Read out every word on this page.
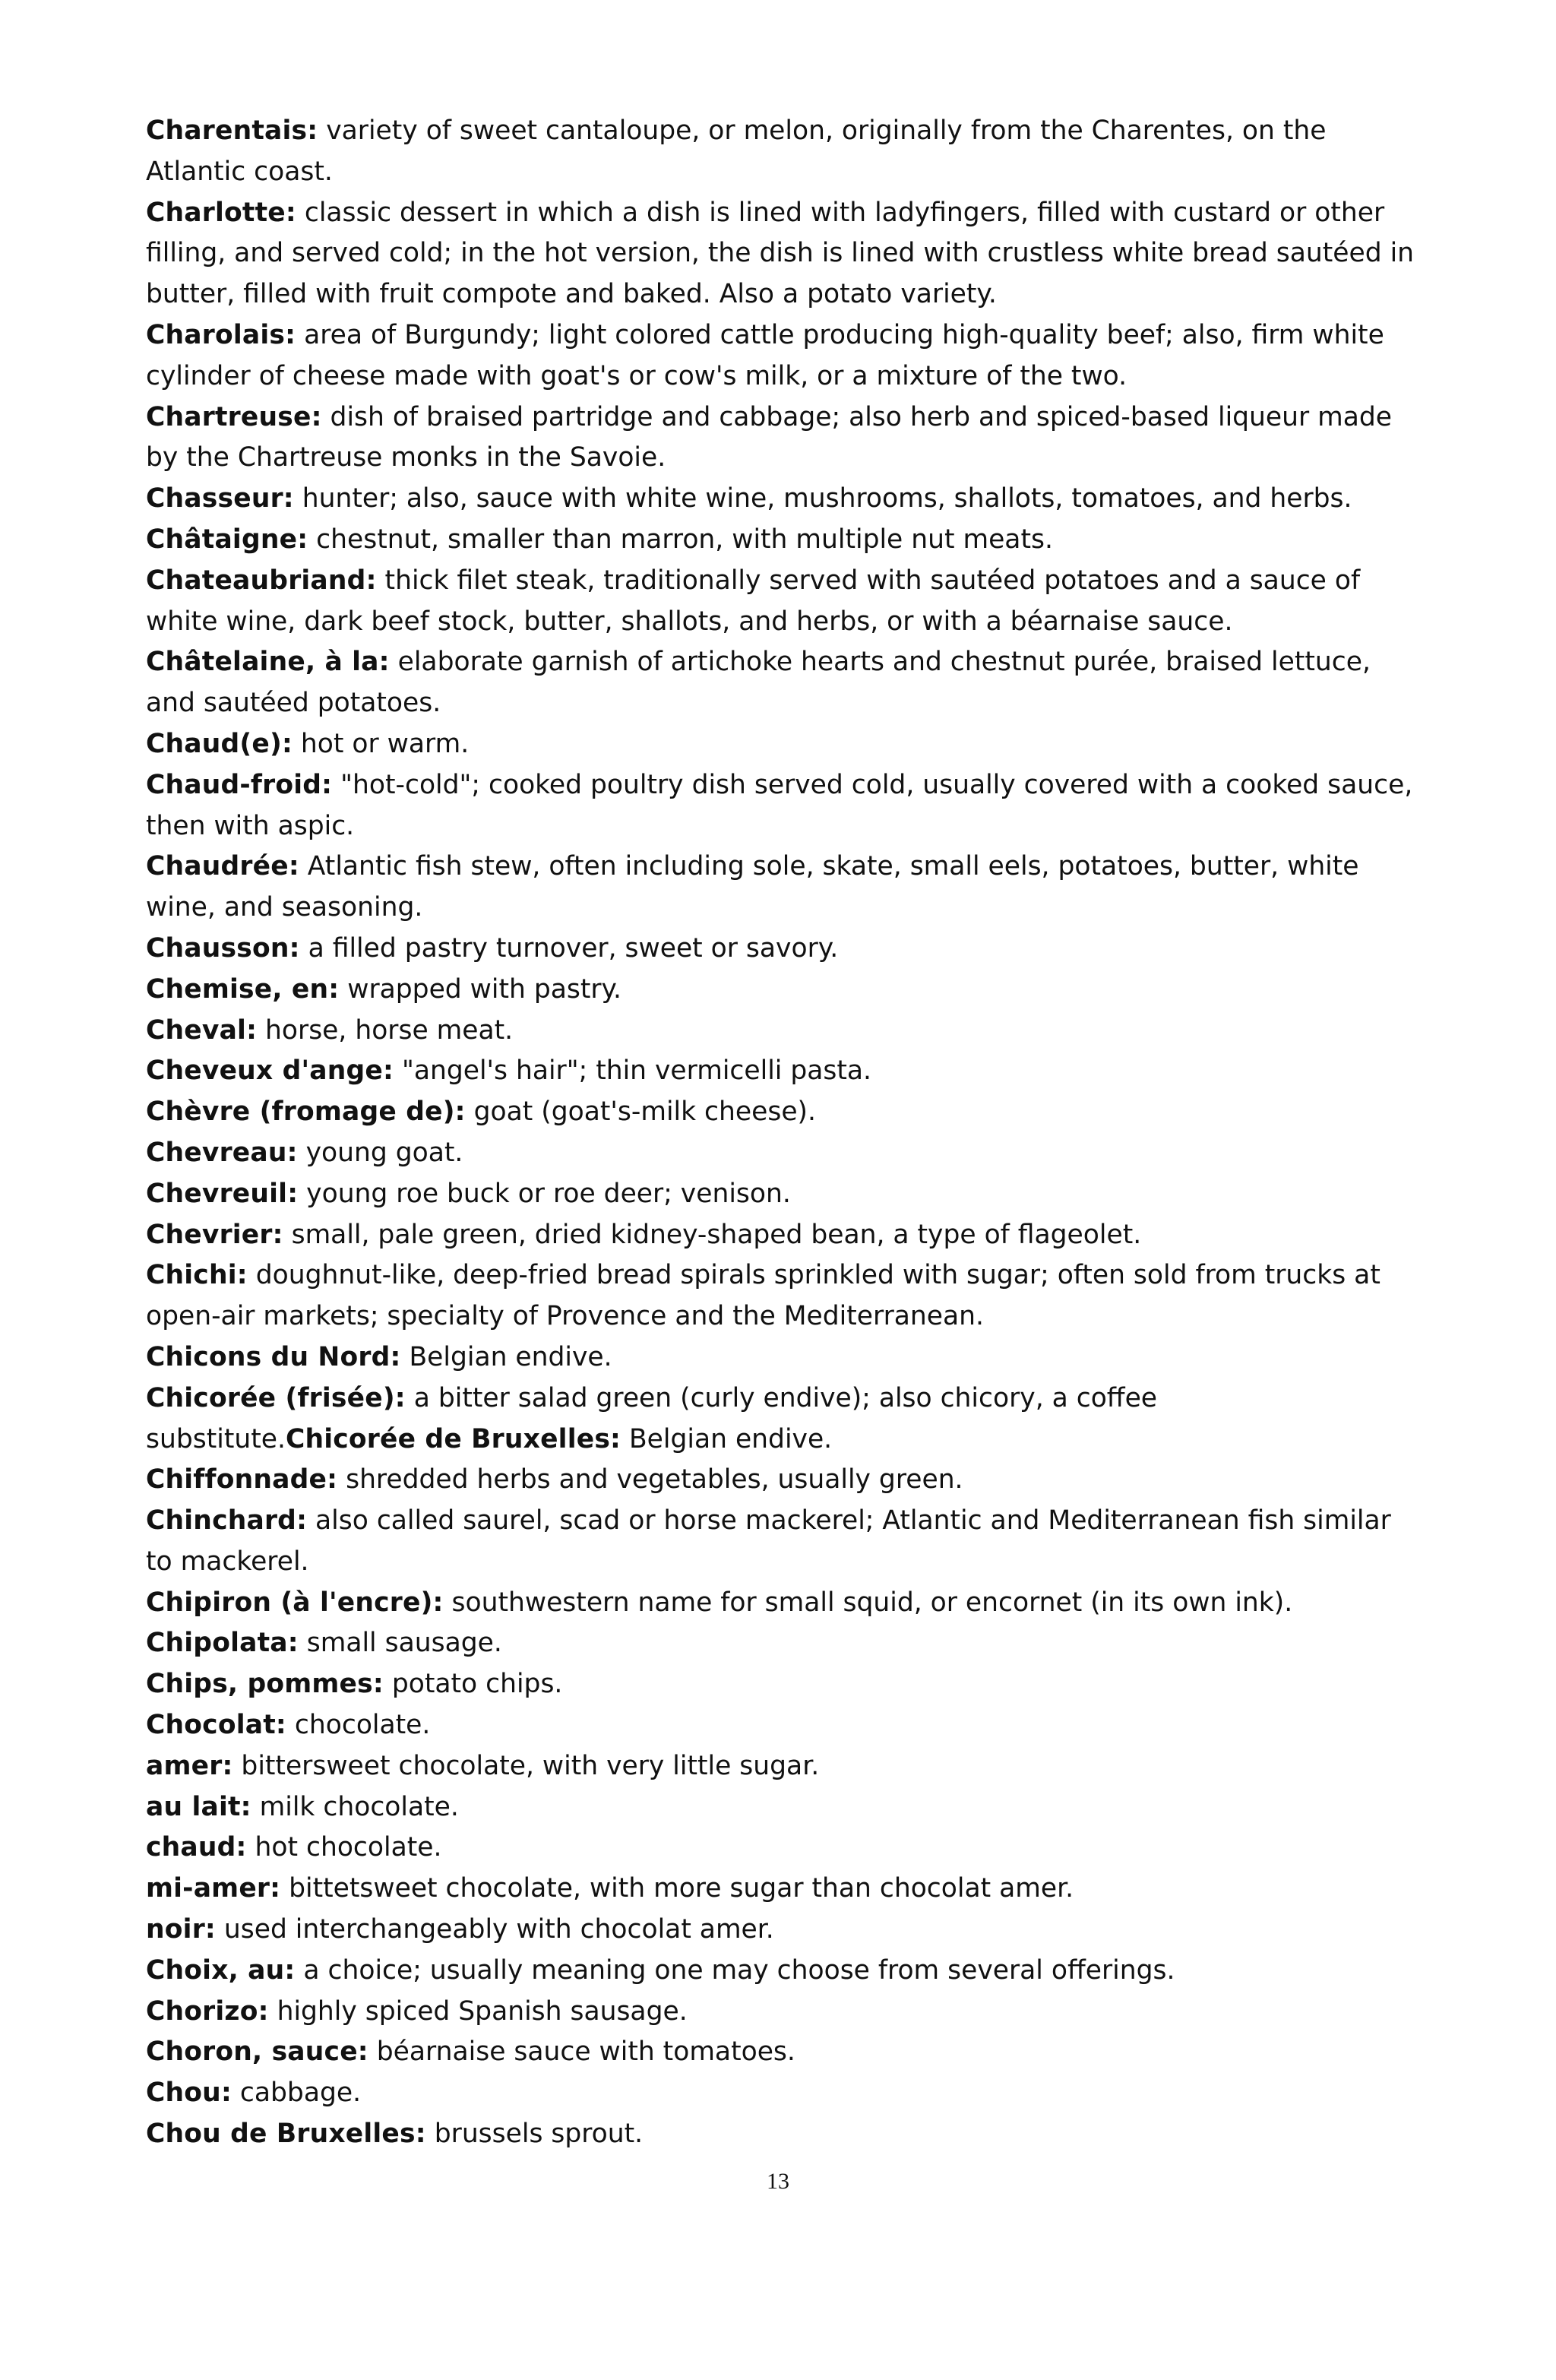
Charentais: variety of sweet cantaloupe, or melon, originally from the Charentes, on the Atlantic coast.

Charlotte: classic dessert in which a dish is lined with ladyfingers, filled with custard or other filling, and served cold; in the hot version, the dish is lined with crustless white bread sautéed in butter, filled with fruit compote and baked. Also a potato variety.

Charolais: area of Burgundy; light colored cattle producing high-quality beef; also, firm white cylinder of cheese made with goat's or cow's milk, or a mixture of the two.

Chartreuse: dish of braised partridge and cabbage; also herb and spiced-based liqueur made by the Chartreuse monks in the Savoie.

Chasseur: hunter; also, sauce with white wine, mushrooms, shallots, tomatoes, and herbs.

Châtaigne: chestnut, smaller than marron, with multiple nut meats.

Chateaubriand: thick filet steak, traditionally served with sautéed potatoes and a sauce of white wine, dark beef stock, butter, shallots, and herbs, or with a béarnaise sauce.

Châtelaine, à la: elaborate garnish of artichoke hearts and chestnut purée, braised lettuce, and sautéed potatoes.

Chaud(e): hot or warm.

Chaud-froid: "hot-cold"; cooked poultry dish served cold, usually covered with a cooked sauce, then with aspic.

Chaudrée: Atlantic fish stew, often including sole, skate, small eels, potatoes, butter, white wine, and seasoning.

Chausson: a filled pastry turnover, sweet or savory.

Chemise, en: wrapped with pastry.

Cheval: horse, horse meat.

Cheveux d'ange: "angel's hair"; thin vermicelli pasta.

Chèvre (fromage de): goat (goat's-milk cheese).

Chevreau: young goat.

Chevreuil: young roe buck or roe deer; venison.

Chevrier: small, pale green, dried kidney-shaped bean, a type of flageolet.

Chichi: doughnut-like, deep-fried bread spirals sprinkled with sugar; often sold from trucks at open-air markets; specialty of Provence and the Mediterranean.

Chicons du Nord: Belgian endive.

Chicorée (frisée): a bitter salad green (curly endive); also chicory, a coffee substitute.Chicorée de Bruxelles: Belgian endive.

Chiffonnade: shredded herbs and vegetables, usually green.

Chinchard: also called saurel, scad or horse mackerel; Atlantic and Mediterranean fish similar to mackerel.

Chipiron (à l'encre): southwestern name for small squid, or encornet (in its own ink).

Chipolata: small sausage.

Chips, pommes: potato chips.

Chocolat: chocolate.

amer: bittersweet chocolate, with very little sugar.

au lait: milk chocolate.

chaud: hot chocolate.

mi-amer: bittetsweet chocolate, with more sugar than chocolat amer.

noir: used interchangeably with chocolat amer.

Choix, au: a choice; usually meaning one may choose from several offerings.

Chorizo: highly spiced Spanish sausage.

Choron, sauce: béarnaise sauce with tomatoes.

Chou: cabbage.

Chou de Bruxelles: brussels sprout.

13
